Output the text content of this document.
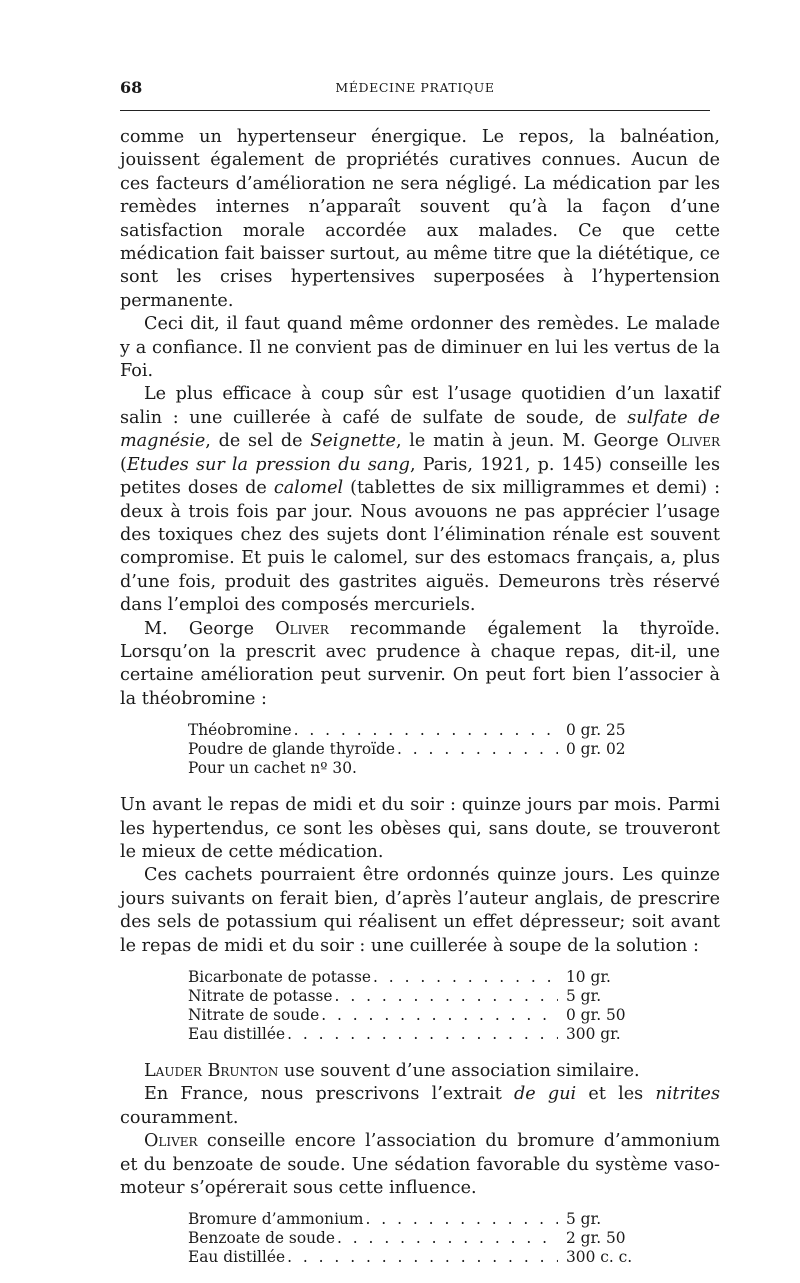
68	MÉDECINE PRATIQUE

comme un hypertenseur énergique. Le repos, la balnéation, jouissent également de propriétés curatives connues. Aucun de ces facteurs d’amélioration ne sera négligé. La médication par les remèdes internes n’apparaît souvent qu’à la façon d’une satisfaction morale accordée aux malades. Ce que cette médication fait baisser surtout, au même titre que la diététique, ce sont les crises hypertensives superposées à l’hypertension permanente.

Ceci dit, il faut quand même ordonner des remèdes. Le malade y a confiance. Il ne convient pas de diminuer en lui les vertus de la Foi.

Le plus efficace à coup sûr est l’usage quotidien d’un laxatif salin : une cuillerée à café de sulfate de soude, de sulfate de magnésie, de sel de Seignette, le matin à jeun. M. George Oliver (Etudes sur la pression du sang, Paris, 1921, p. 145) conseille les petites doses de calomel (tablettes de six milligrammes et demi) : deux à trois fois par jour. Nous avouons ne pas apprécier l’usage des toxiques chez des sujets dont l’élimination rénale est souvent compromise. Et puis le calomel, sur des estomacs français, a, plus d’une fois, produit des gastrites aiguës. Demeurons très réservé dans l’emploi des composés mercuriels.

M. George Oliver recommande également la thyroïde. Lorsqu’on la prescrit avec prudence à chaque repas, dit-il, une certaine amélioration peut survenir. On peut fort bien l’associer à la théobromine :

Théobromine . . .	0 gr. 25
Poudre de glande thyroïde . . .	0 gr. 02
Pour un cachet nº 30.

Un avant le repas de midi et du soir : quinze jours par mois. Parmi les hypertendus, ce sont les obèses qui, sans doute, se trouveront le mieux de cette médication.

Ces cachets pourraient être ordonnés quinze jours. Les quinze jours suivants on ferait bien, d’après l’auteur anglais, de prescrire des sels de potassium qui réalisent un effet dépresseur; soit avant le repas de midi et du soir : une cuillerée à soupe de la solution :

Bicarbonate de potasse . . .	10 gr.
Nitrate de potasse . . .	5 gr.
Nitrate de soude . . .	0 gr. 50
Eau distillée . . .	300 gr.

Lauder Brunton use souvent d’une association similaire.

En France, nous prescrivons l’extrait de gui et les nitrites couramment.

Oliver conseille encore l’association du bromure d’ammonium et du benzoate de soude. Une sédation favorable du système vaso-moteur s’opérerait sous cette influence.

Bromure d’ammonium . . .	5 gr.
Benzoate de soude . . .	2 gr. 50
Eau distillée . . .	300 c. c.
